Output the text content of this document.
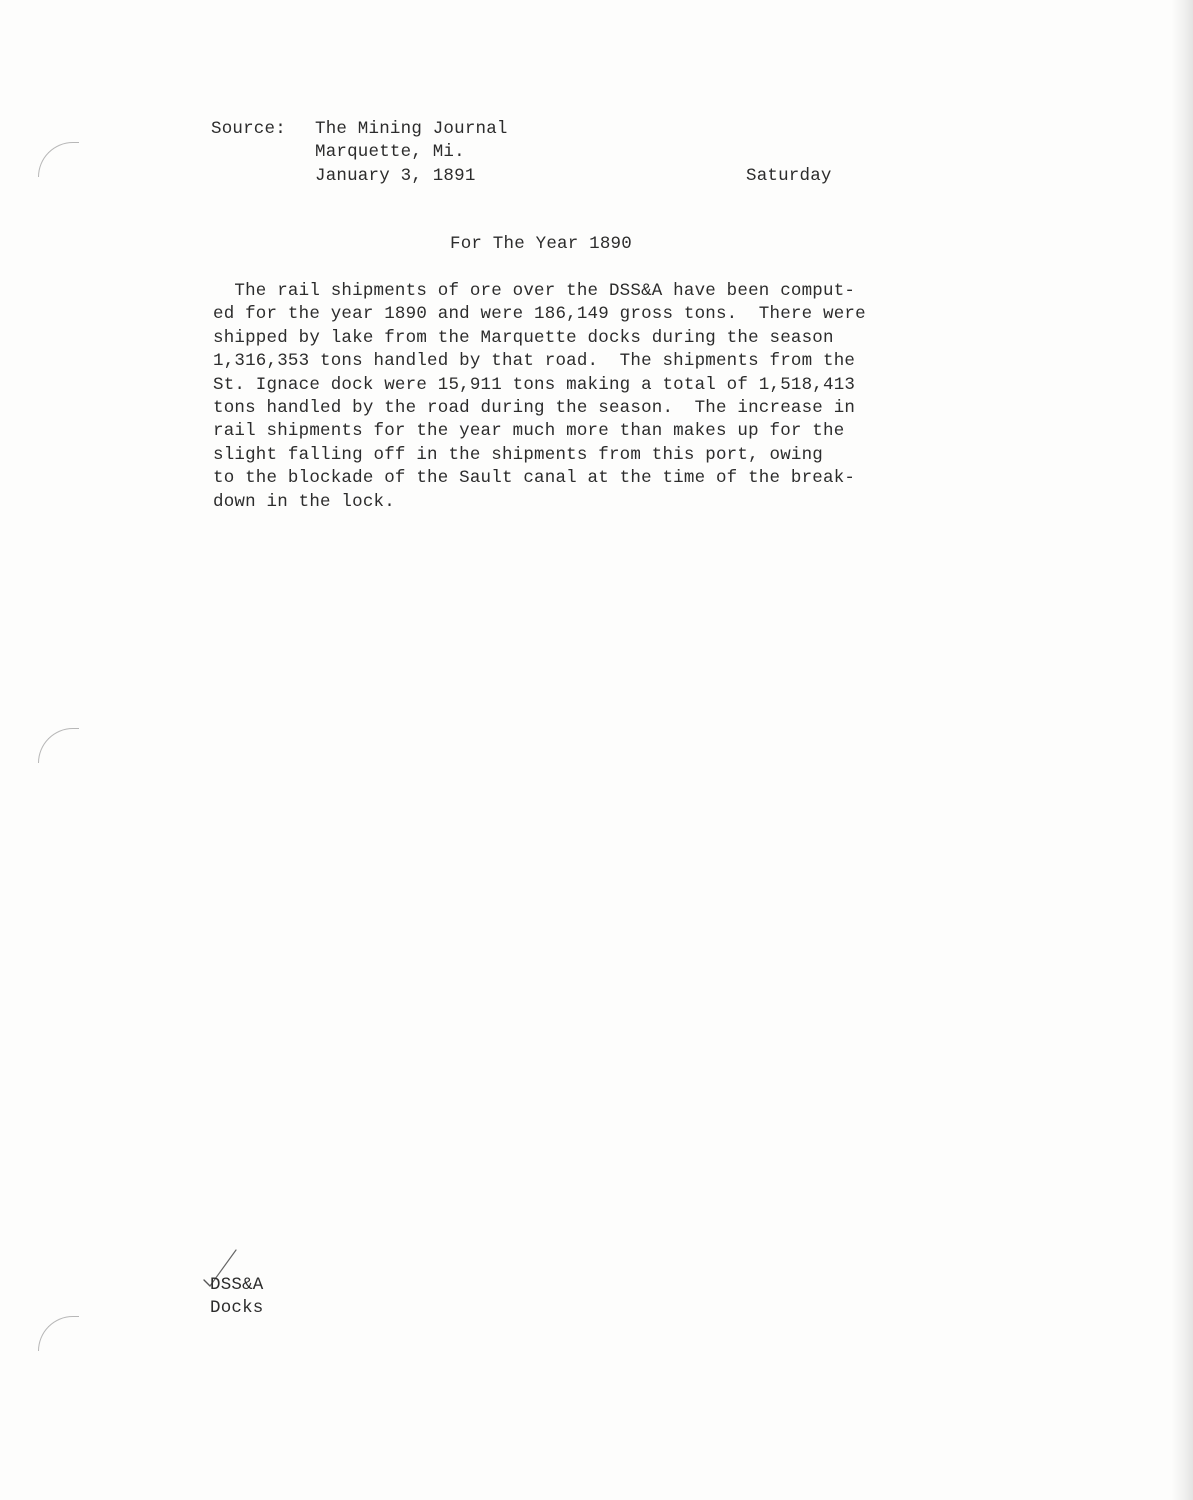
Source: The Mining Journal
Marquette, Mi.
January 3, 1891	Saturday
For The Year 1890
The rail shipments of ore over the DSS&A have been comput-
ed for the year 1890 and were 186,149 gross tons.  There were
shipped by lake from the Marquette docks during the season
1,316,353 tons handled by that road.  The shipments from the
St. Ignace dock were 15,911 tons making a total of 1,518,413
tons handled by the road during the season.  The increase in
rail shipments for the year much more than makes up for the
slight falling off in the shipments from this port, owing
to the blockade of the Sault canal at the time of the break-
down in the lock.
DSS&A
Docks
